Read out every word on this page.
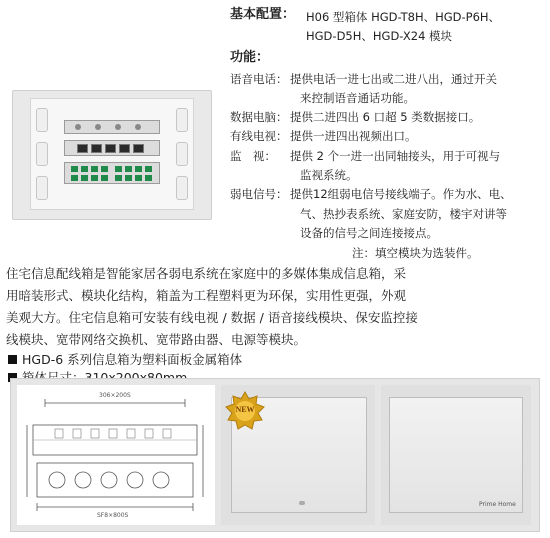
基本配置： H06 型箱体 HGD-T8H、HGD-P6H、
HGD-D5H、HGD-X24 模块
功能：
语音电话： 提供电话一进七出或二进八出，通过开关
来控制语音通话功能。
数据电脑： 提供二进四出 6 口超 5 类数据接口。
有线电视： 提供一进四出视频出口。
监　视： 提供 2 个一进一出同轴接头，用于可视与
监视系统。
弱电信号： 提供12组弱电信号接线端子。作为水、电、
气、热抄表系统、家庭安防，楼宇对讲等
设备的信号之间连接接点。
注：填空模块为选装件。
住宅信息配线箱是智能家居各弱电系统在家庭中的多媒体集成信息箱，采
用暗装形式、模块化结构，箱盖为工程塑料更为环保，实用性更强，外观
美观大方。住宅信息箱可安装有线电视 / 数据 / 语音接线模块、保安监控接
线模块、宽带网络交换机、宽带路由器、电源等模块。
HGD-6 系列信息箱为塑料面板金属箱体
306×200S
SF8×800S
NEW
Prime Home
